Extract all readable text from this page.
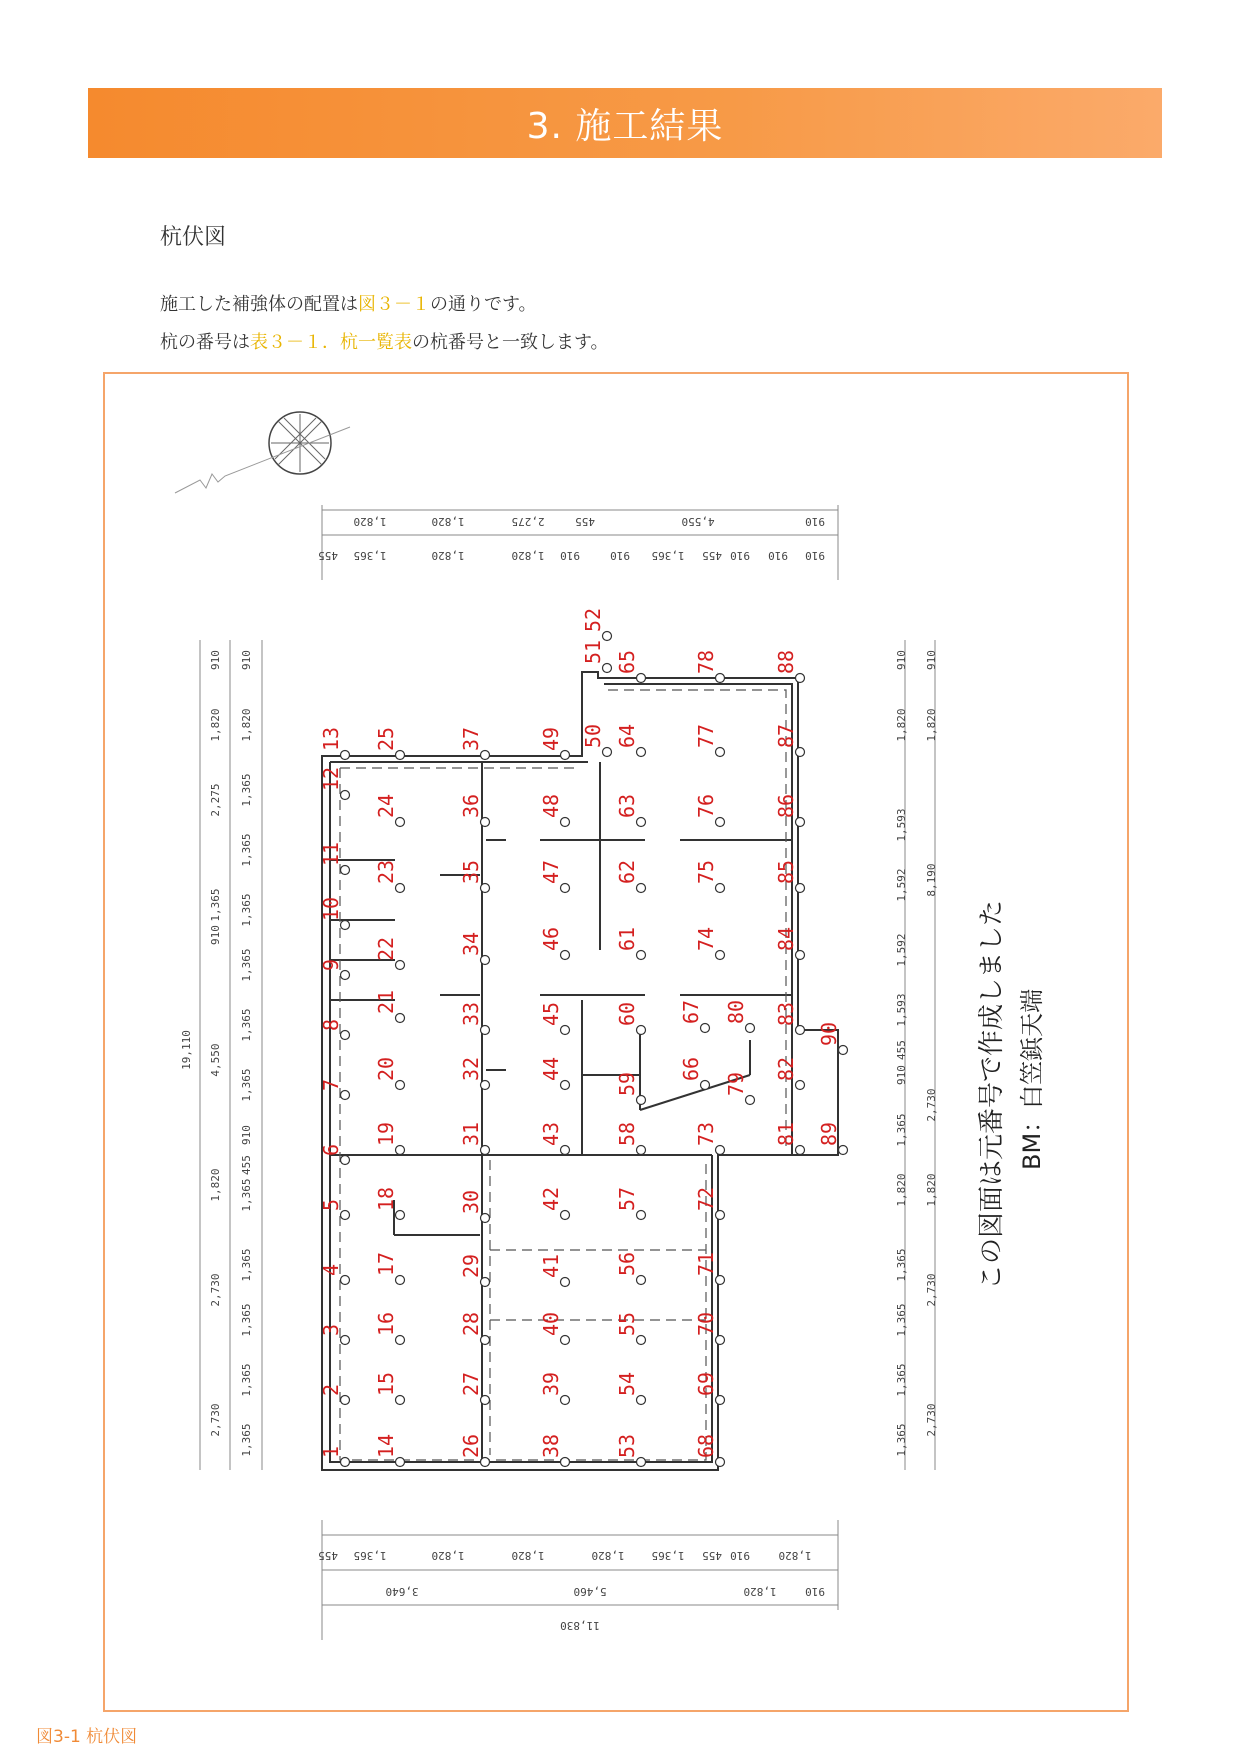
3. 施工結果
杭伏図
施工した補強体の配置は図３－１の通りです。
杭の番号は表３－１．杭一覧表の杭番号と一致します。
1,820	1,820	2,275	455	4,550	910
455 1,365	1,820	1,820 910	910 1,365 455 910 910 910
910
1,820
2,275
1,365
910
4,550
1,820
2,730
2,730
910
1,820
1,365
1,365
1,365
1,365
1,365
1,365
910
455
1,365
1,365
1,365
1,365
1,365
19,110
910
1,820
1,593
1,592
1,592
1,593
455
910
1,365
1,820
1,365
1,365
1,365
1,365
910
1,820
8,190
2,730
1,820
2,730
2,730
455 1,365	1,820	1,820	1,820 1,365 455 910	1,820
3,640	5,460	1,820	910
11,830
13
12
11
10
9
8
7
6
5
4
3
2
1
25
24
23
22
21
20
19
18
17
16
15
14
37
36
35
34
33
32
31
30
29
28
27
26
49
48
47
46
45
44
43
42
41
40
39
38
52
51
50
65
64
63
62
61
60
59
58
57
56
55
54
53
78
77
76
75
74
73
72
71
70
69
68
67
66
80
79
88
87
86
85
84
83
82
81
90
89	この図面は元番号で作成しました BM：白笠鋲天端
図3-1 杭伏図
